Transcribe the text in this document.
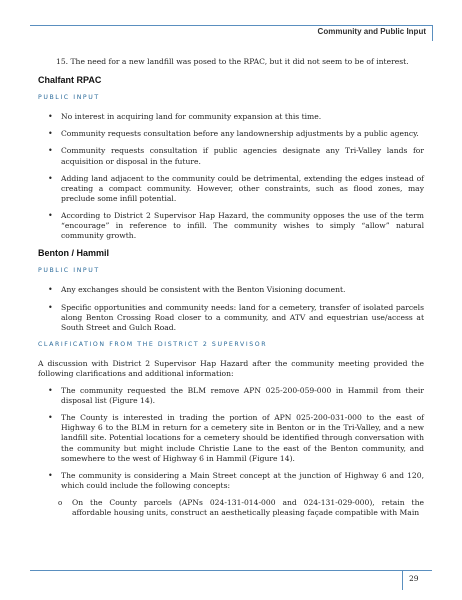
Community and Public Input

15. The need for a new landfill was posed to the RPAC, but it did not seem to be of interest.

Chalfant RPAC
PUBLIC INPUT
• No interest in acquiring land for community expansion at this time.
• Community requests consultation before any landownership adjustments by a public agency.
• Community requests consultation if public agencies designate any Tri-Valley lands for acquisition or disposal in the future.
• Adding land adjacent to the community could be detrimental, extending the edges instead of creating a compact community. However, other constraints, such as flood zones, may preclude some infill potential.
• According to District 2 Supervisor Hap Hazard, the community opposes the use of the term “encourage” in reference to infill. The community wishes to simply “allow” natural community growth.
Benton / Hammil
PUBLIC INPUT
• Any exchanges should be consistent with the Benton Visioning document.
• Specific opportunities and community needs: land for a cemetery, transfer of isolated parcels along Benton Crossing Road closer to a community, and ATV and equestrian use/access at South Street and Gulch Road.
CLARIFICATION FROM THE DISTRICT 2 SUPERVISOR

A discussion with District 2 Supervisor Hap Hazard after the community meeting provided the following clarifications and additional information:

• The community requested the BLM remove APN 025-200-059-000 in Hammil from their disposal list (Figure 14).
• The County is interested in trading the portion of APN 025-200-031-000 to the east of Highway 6 to the BLM in return for a cemetery site in Benton or in the Tri-Valley, and a new landfill site. Potential locations for a cemetery should be identified through conversation with the community but might include Christie Lane to the east of the Benton community, and somewhere to the west of Highway 6 in Hammil (Figure 14).
• The community is considering a Main Street concept at the junction of Highway 6 and 120, which could include the following concepts:
o On the County parcels (APNs 024-131-014-000 and 024-131-029-000), retain the affordable housing units, construct an aesthetically pleasing façade compatible with Main
29
